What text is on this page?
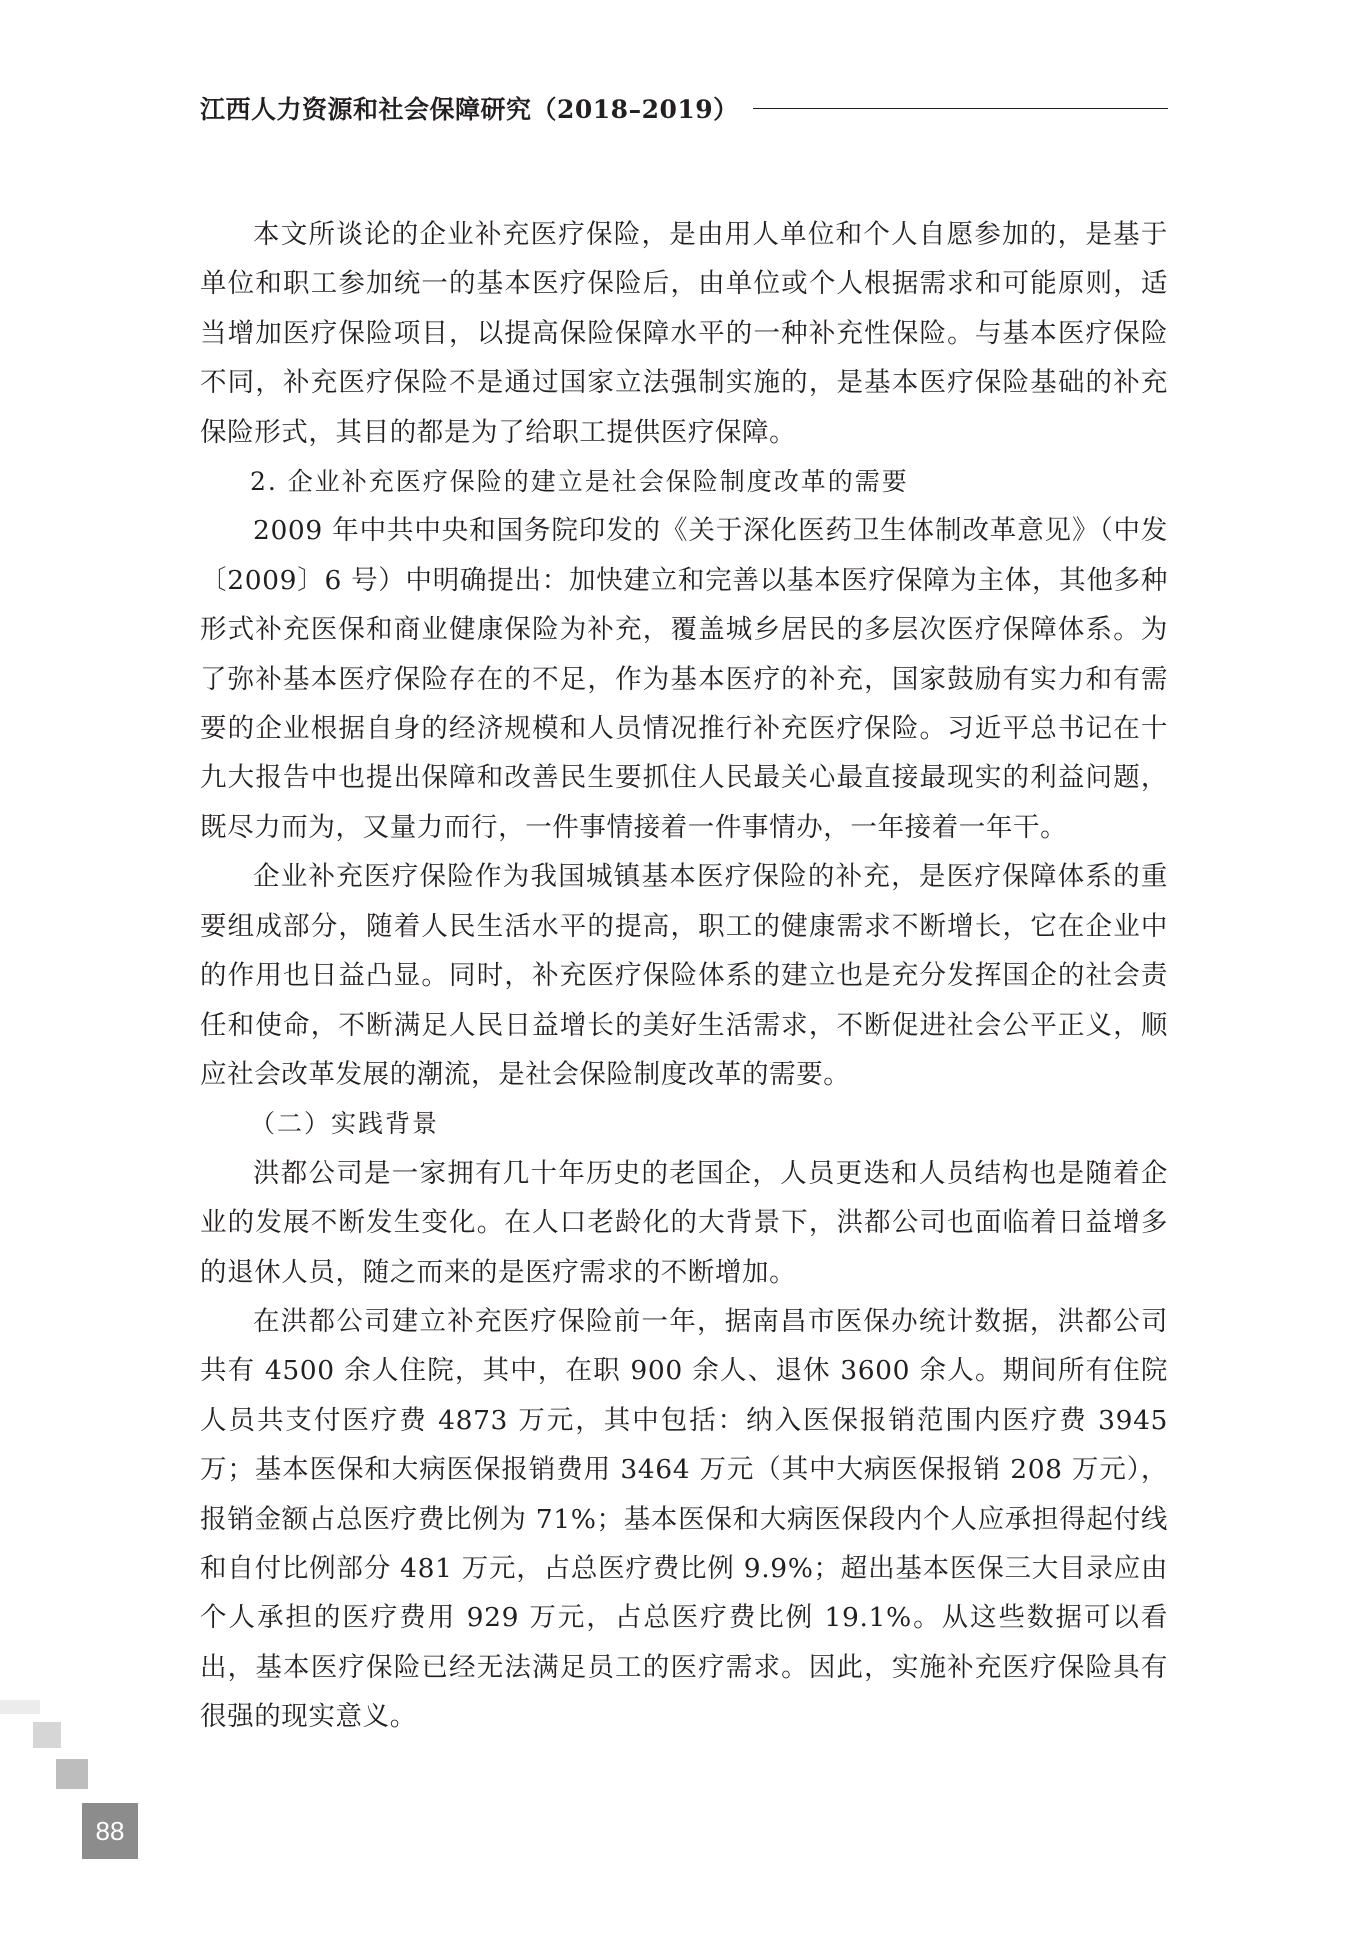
江西人力资源和社会保障研究（2018–2019）

本文所谈论的企业补充医疗保险，是由用人单位和个人自愿参加的，是基于单位和职工参加统一的基本医疗保险后，由单位或个人根据需求和可能原则，适当增加医疗保险项目，以提高保险保障水平的一种补充性保险。与基本医疗保险不同，补充医疗保险不是通过国家立法强制实施的，是基本医疗保险基础的补充保险形式，其目的都是为了给职工提供医疗保障。

2. 企业补充医疗保险的建立是社会保险制度改革的需要

2009 年中共中央和国务院印发的《关于深化医药卫生体制改革意见》（中发〔2009〕6 号）中明确提出：加快建立和完善以基本医疗保障为主体，其他多种形式补充医保和商业健康保险为补充，覆盖城乡居民的多层次医疗保障体系。为了弥补基本医疗保险存在的不足，作为基本医疗的补充，国家鼓励有实力和有需要的企业根据自身的经济规模和人员情况推行补充医疗保险。习近平总书记在十九大报告中也提出保障和改善民生要抓住人民最关心最直接最现实的利益问题，既尽力而为，又量力而行，一件事情接着一件事情办，一年接着一年干。

企业补充医疗保险作为我国城镇基本医疗保险的补充，是医疗保障体系的重要组成部分，随着人民生活水平的提高，职工的健康需求不断增长，它在企业中的作用也日益凸显。同时，补充医疗保险体系的建立也是充分发挥国企的社会责任和使命，不断满足人民日益增长的美好生活需求，不断促进社会公平正义，顺应社会改革发展的潮流，是社会保险制度改革的需要。

（二）实践背景

洪都公司是一家拥有几十年历史的老国企，人员更迭和人员结构也是随着企业的发展不断发生变化。在人口老龄化的大背景下，洪都公司也面临着日益增多的退休人员，随之而来的是医疗需求的不断增加。

在洪都公司建立补充医疗保险前一年，据南昌市医保办统计数据，洪都公司共有 4500 余人住院，其中，在职 900 余人、退休 3600 余人。期间所有住院人员共支付医疗费 4873 万元，其中包括：纳入医保报销范围内医疗费 3945 万；基本医保和大病医保报销费用 3464 万元（其中大病医保报销 208 万元），报销金额占总医疗费比例为 71%；基本医保和大病医保段内个人应承担得起付线和自付比例部分 481 万元，占总医疗费比例 9.9%；超出基本医保三大目录应由个人承担的医疗费用 929 万元，占总医疗费比例 19.1%。从这些数据可以看出，基本医疗保险已经无法满足员工的医疗需求。因此，实施补充医疗保险具有很强的现实意义。

88
